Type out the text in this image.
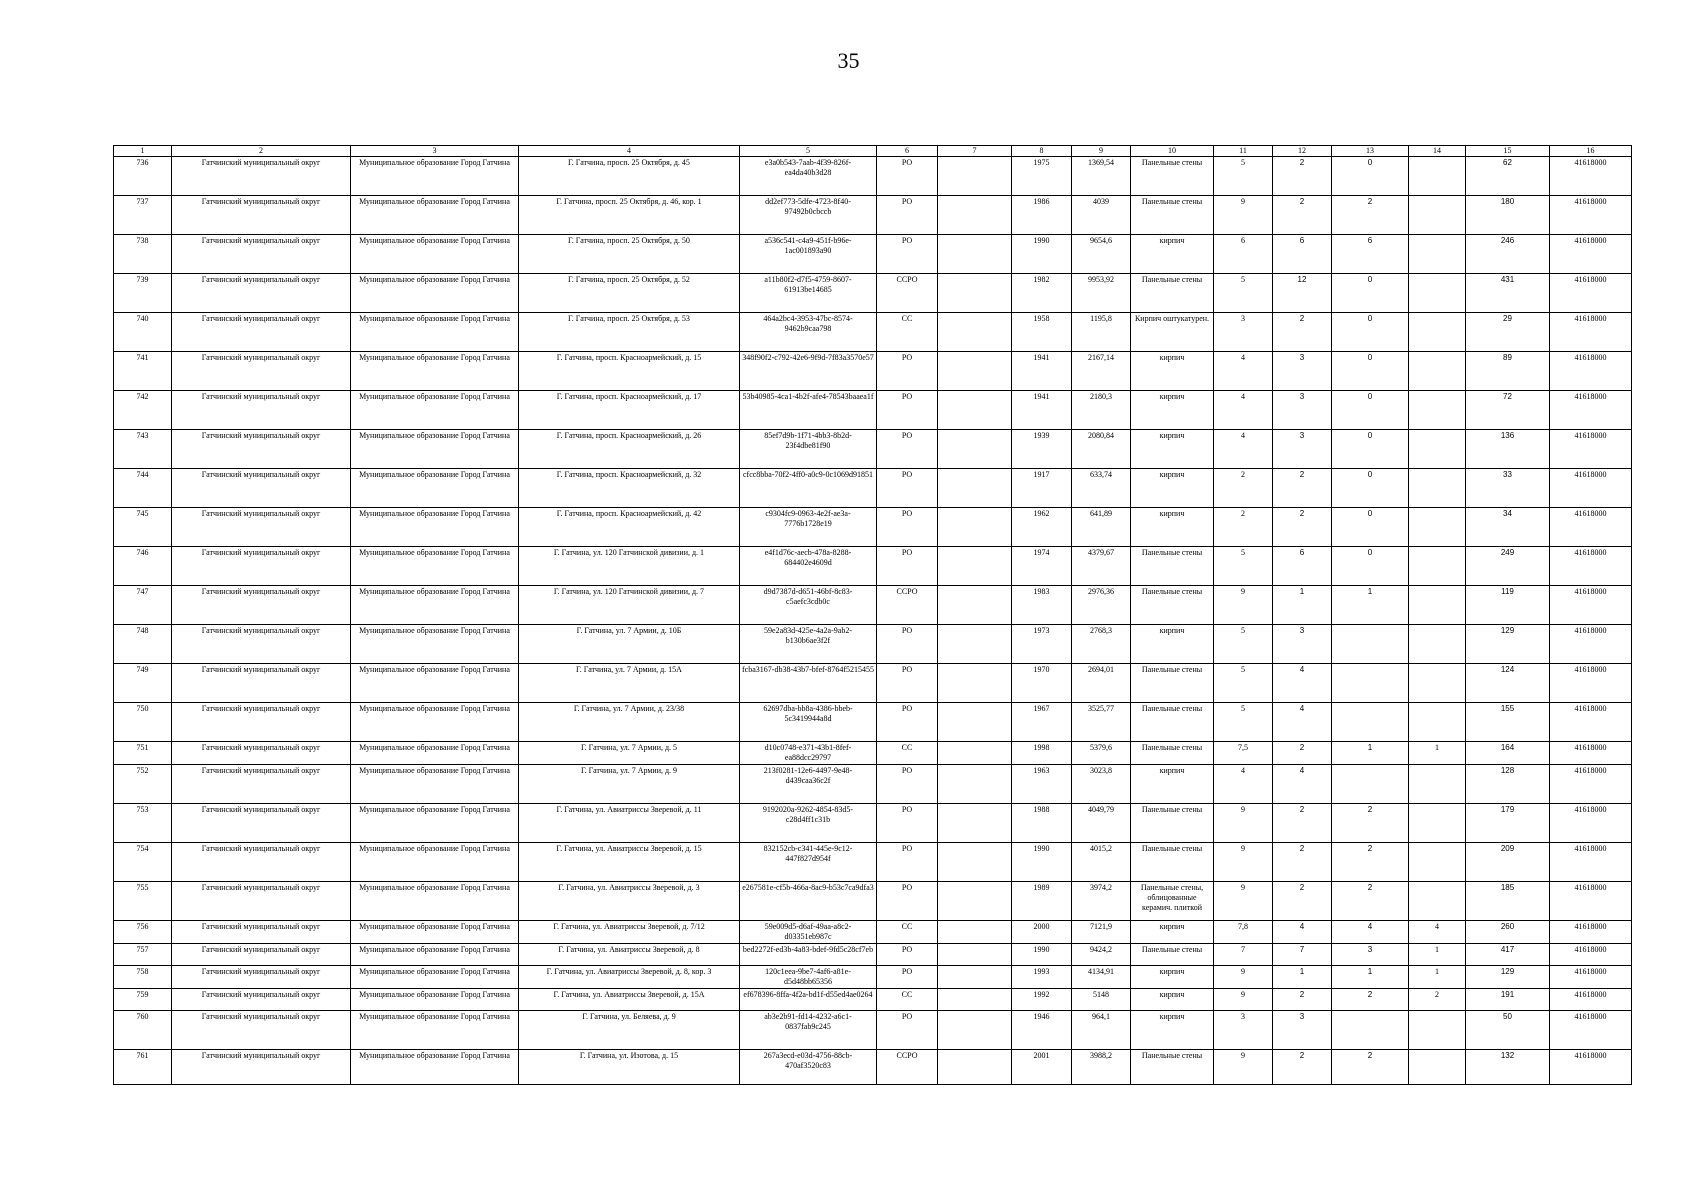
35
1	2	3	4	5	6	7	8	9	10	11	12	13	14	15	16
736	Гатчинский муниципальный округ	Муниципальное образование Город Гатчина	Г. Гатчина, просп. 25 Октября, д. 45	e3a0b543-7aab-4f39-826f-ea4da40b3d28	РО		1975	1369,54	Панельные стены	5	2	0		62	41618000
737	Гатчинский муниципальный округ	Муниципальное образование Город Гатчина	Г. Гатчина, просп. 25 Октября, д. 46, кор. 1	dd2ef773-5dfe-4723-8f40-97492b0cbccb	РО		1986	4039	Панельные стены	9	2	2		180	41618000
738	Гатчинский муниципальный округ	Муниципальное образование Город Гатчина	Г. Гатчина, просп. 25 Октября, д. 50	a536c541-c4a9-451f-b96e-1ac001893a90	РО		1990	9654,6	кирпич	6	6	6		246	41618000
739	Гатчинский муниципальный округ	Муниципальное образование Город Гатчина	Г. Гатчина, просп. 25 Октября, д. 52	a11b80f2-d7f5-4759-8607-61913be14685	ССРО		1982	9953,92	Панельные стены	5	12	0		431	41618000
740	Гатчинский муниципальный округ	Муниципальное образование Город Гатчина	Г. Гатчина, просп. 25 Октября, д. 53	464a2bc4-3953-47bc-8574-9462b9caa798	СС		1958	1195,8	Кирпич оштукатурен.	3	2	0		29	41618000
741	Гатчинский муниципальный округ	Муниципальное образование Город Гатчина	Г. Гатчина, просп. Красноармейский, д. 15	348f90f2-c792-42e6-9f9d-7f83a3570e57	РО		1941	2167,14	кирпич	4	3	0		89	41618000
742	Гатчинский муниципальный округ	Муниципальное образование Город Гатчина	Г. Гатчина, просп. Красноармейский, д. 17	53b40985-4ca1-4b2f-afe4-78543baaea1f	РО		1941	2180,3	кирпич	4	3	0		72	41618000
743	Гатчинский муниципальный округ	Муниципальное образование Город Гатчина	Г. Гатчина, просп. Красноармейский, д. 26	85ef7d9b-1f71-4bb3-8b2d-23f4dbe81f90	РО		1939	2080,84	кирпич	4	3	0		136	41618000
744	Гатчинский муниципальный округ	Муниципальное образование Город Гатчина	Г. Гатчина, просп. Красноармейский, д. 32	cfcc8bba-70f2-4ff0-a0c9-0c1069d91851	РО		1917	633,74	кирпич	2	2	0		33	41618000
745	Гатчинский муниципальный округ	Муниципальное образование Город Гатчина	Г. Гатчина, просп. Красноармейский, д. 42	c9304fc9-0963-4e2f-ae3a-7776b1728e19	РО		1962	641,89	кирпич	2	2	0		34	41618000
746	Гатчинский муниципальный округ	Муниципальное образование Город Гатчина	Г. Гатчина, ул. 120 Гатчинской дивизии, д. 1	e4f1d76c-aecb-478a-8288-684402e4609d	РО		1974	4379,67	Панельные стены	5	6	0		249	41618000
747	Гатчинский муниципальный округ	Муниципальное образование Город Гатчина	Г. Гатчина, ул. 120 Гатчинской дивизии, д. 7	d9d7387d-d651-46bf-8c83-c5aefc3cdb0c	ССРО		1983	2976,36	Панельные стены	9	1	1		119	41618000
748	Гатчинский муниципальный округ	Муниципальное образование Город Гатчина	Г. Гатчина, ул. 7 Армии, д. 10Б	59e2a83d-425e-4a2a-9ab2-b130b6ae3f2f	РО		1973	2768,3	кирпич	5	3			129	41618000
749	Гатчинский муниципальный округ	Муниципальное образование Город Гатчина	Г. Гатчина, ул. 7 Армии, д. 15А	fcba3167-db38-43b7-bfef-8764f5215455	РО		1970	2694,01	Панельные стены	5	4			124	41618000
750	Гатчинский муниципальный округ	Муниципальное образование Город Гатчина	Г. Гатчина, ул. 7 Армии, д. 23/38	62697dba-bb8a-4386-bbeb-5c3419944a8d	РО		1967	3525,77	Панельные стены	5	4			155	41618000
751	Гатчинский муниципальный округ	Муниципальное образование Город Гатчина	Г. Гатчина, ул. 7 Армии, д. 5	d10c0748-e371-43b1-8fef-ea88dcc29797	СС		1998	5379,6	Панельные стены	7,5	2	1	1	164	41618000
752	Гатчинский муниципальный округ	Муниципальное образование Город Гатчина	Г. Гатчина, ул. 7 Армии, д. 9	213f0281-12e6-4497-9e48-d439caa36c2f	РО		1963	3023,8	кирпич	4	4			128	41618000
753	Гатчинский муниципальный округ	Муниципальное образование Город Гатчина	Г. Гатчина, ул. Авиатриссы Зверевой, д. 11	9192020a-9262-4854-83d5-c28d4ff1c31b	РО		1988	4049,79	Панельные стены	9	2	2		179	41618000
754	Гатчинский муниципальный округ	Муниципальное образование Город Гатчина	Г. Гатчина, ул. Авиатриссы Зверевой, д. 15	832152cb-c341-445e-9c12-447f827d954f	РО		1990	4015,2	Панельные стены	9	2	2		209	41618000
755	Гатчинский муниципальный округ	Муниципальное образование Город Гатчина	Г. Гатчина, ул. Авиатриссы Зверевой, д. 3	e267581e-cf5b-466a-8ac9-b53c7ca9dfa3	РО		1989	3974,2	Панельные стены, облицованные керамич. плиткой	9	2	2		185	41618000
756	Гатчинский муниципальный округ	Муниципальное образование Город Гатчина	Г. Гатчина, ул. Авиатриссы Зверевой, д. 7/12	59e009d5-d6af-49aa-a8c2-d03351eb987c	СС		2000	7121,9	кирпич	7,8	4	4	4	260	41618000
757	Гатчинский муниципальный округ	Муниципальное образование Город Гатчина	Г. Гатчина, ул. Авиатриссы Зверевой, д. 8	bed2272f-ed3b-4a83-bdef-9fd5c28cf7eb	РО		1990	9424,2	Панельные стены	7	7	3	1	417	41618000
758	Гатчинский муниципальный округ	Муниципальное образование Город Гатчина	Г. Гатчина, ул. Авиатриссы Зверевой, д. 8, кор. 3	120c1eea-9be7-4af6-a81e-d5d48bb65356	РО		1993	4134,91	кирпич	9	1	1	1	129	41618000
759	Гатчинский муниципальный округ	Муниципальное образование Город Гатчина	Г. Гатчина, ул. Авиатриссы Зверевой, д. 15А	ef678396-8ffa-4f2a-bd1f-d55ed4ae0264	СС		1992	5148	кирпич	9	2	2	2	191	41618000
760	Гатчинский муниципальный округ	Муниципальное образование Город Гатчина	Г. Гатчина, ул. Беляева, д. 9	ab3e2b91-fd14-4232-a6c1-0837fab9c245	РО		1946	964,1	кирпич	3	3			50	41618000
761	Гатчинский муниципальный округ	Муниципальное образование Город Гатчина	Г. Гатчина, ул. Изотова, д. 15	267a3ecd-e03d-4756-88cb-470af3520c83	ССРО		2001	3988,2	Панельные стены	9	2	2		132	41618000
